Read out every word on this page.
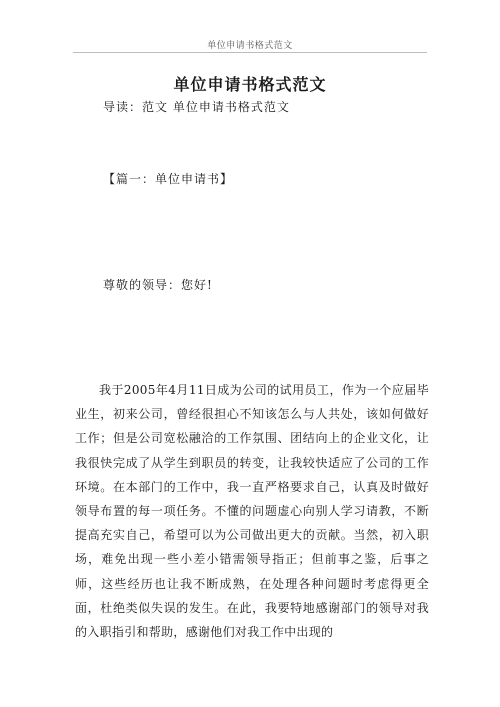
单位申请书格式范文
单位申请书格式范文
导读：范文 单位申请书格式范文
【篇一：单位申请书】
尊敬的领导：您好!
我于2005年4月11日成为公司的试用员工，作为一个应届毕业生，初来公司，曾经很担心不知该怎么与人共处，该如何做好工作；但是公司宽松融洽的工作氛围、团结向上的企业文化，让我很快完成了从学生到职员的转变，让我较快适应了公司的工作环境。在本部门的工作中，我一直严格要求自己，认真及时做好领导布置的每一项任务。不懂的问题虚心向别人学习请教，不断提高充实自己，希望可以为公司做出更大的贡献。当然，初入职场，难免出现一些小差小错需领导指正；但前事之鉴，后事之师，这些经历也让我不断成熟，在处理各种问题时考虑得更全面，杜绝类似失误的发生。在此，我要特地感谢部门的领导对我的入职指引和帮助，感谢他们对我工作中出现的
